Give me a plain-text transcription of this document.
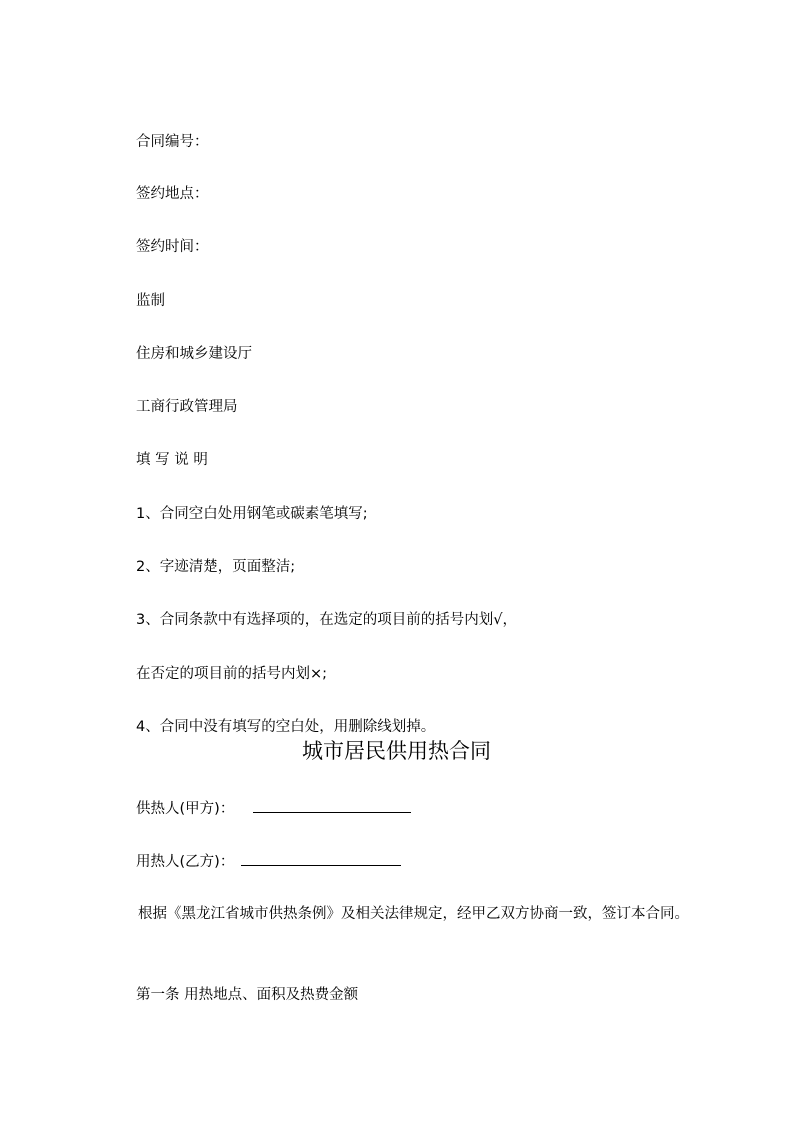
合同编号：
签约地点：
签约时间：
监制
住房和城乡建设厅
工商行政管理局
填 写 说 明
1、合同空白处用钢笔或碳素笔填写;
2、字迹清楚，页面整洁;
3、合同条款中有选择项的，在选定的项目前的括号内划√，
在否定的项目前的括号内划×;
4、合同中没有填写的空白处，用删除线划掉。
城市居民供用热合同
供热人(甲方)：
用热人(乙方)：
根据《黑龙江省城市供热条例》及相关法律规定，经甲乙双方协商一致，签订本合同。
第一条 用热地点、面积及热费金额
